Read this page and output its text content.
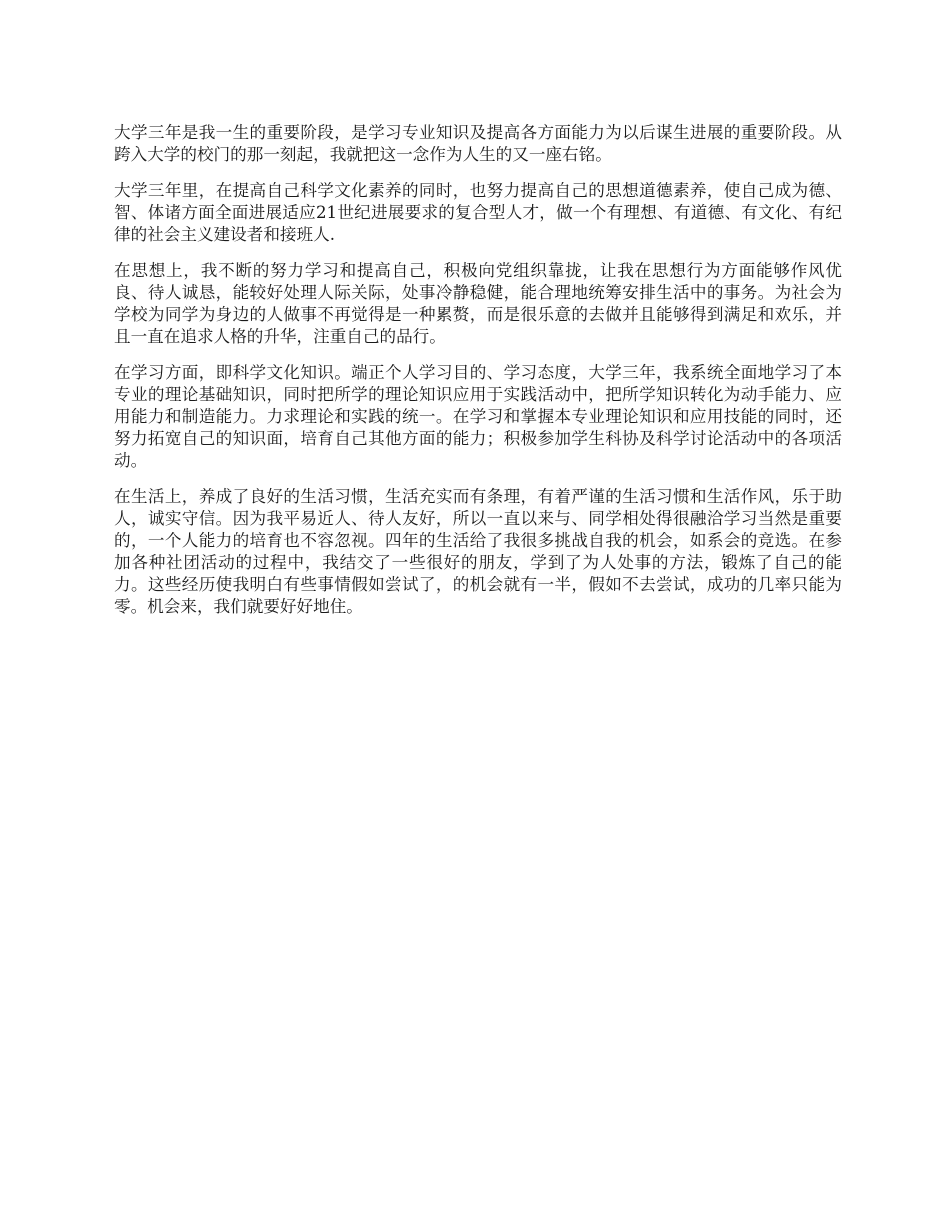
大学三年是我一生的重要阶段，是学习专业知识及提高各方面能力为以后谋生进展的重要阶段。从跨入大学的校门的那一刻起，我就把这一念作为人生的又一座右铭。

大学三年里，在提高自己科学文化素养的同时，也努力提高自己的思想道德素养，使自己成为德、智、体诸方面全面进展适应21世纪进展要求的复合型人才，做一个有理想、有道德、有文化、有纪律的社会主义建设者和接班人.

在思想上，我不断的努力学习和提高自己，积极向党组织靠拢，让我在思想行为方面能够作风优良、待人诚恳，能较好处理人际关际，处事冷静稳健，能合理地统筹安排生活中的事务。为社会为学校为同学为身边的人做事不再觉得是一种累赘，而是很乐意的去做并且能够得到满足和欢乐，并且一直在追求人格的升华，注重自己的品行。

在学习方面，即科学文化知识。端正个人学习目的、学习态度，大学三年，我系统全面地学习了本专业的理论基础知识，同时把所学的理论知识应用于实践活动中，把所学知识转化为动手能力、应用能力和制造能力。力求理论和实践的统一。在学习和掌握本专业理论知识和应用技能的同时，还努力拓宽自己的知识面，培育自己其他方面的能力；积极参加学生科协及科学讨论活动中的各项活动。

在生活上，养成了良好的生活习惯，生活充实而有条理，有着严谨的生活习惯和生活作风，乐于助人，诚实守信。因为我平易近人、待人友好，所以一直以来与、同学相处得很融洽学习当然是重要的，一个人能力的培育也不容忽视。四年的生活给了我很多挑战自我的机会，如系会的竞选。在参加各种社团活动的过程中，我结交了一些很好的朋友，学到了为人处事的方法，锻炼了自己的能力。这些经历使我明白有些事情假如尝试了，的机会就有一半，假如不去尝试，成功的几率只能为零。机会来，我们就要好好地住。
